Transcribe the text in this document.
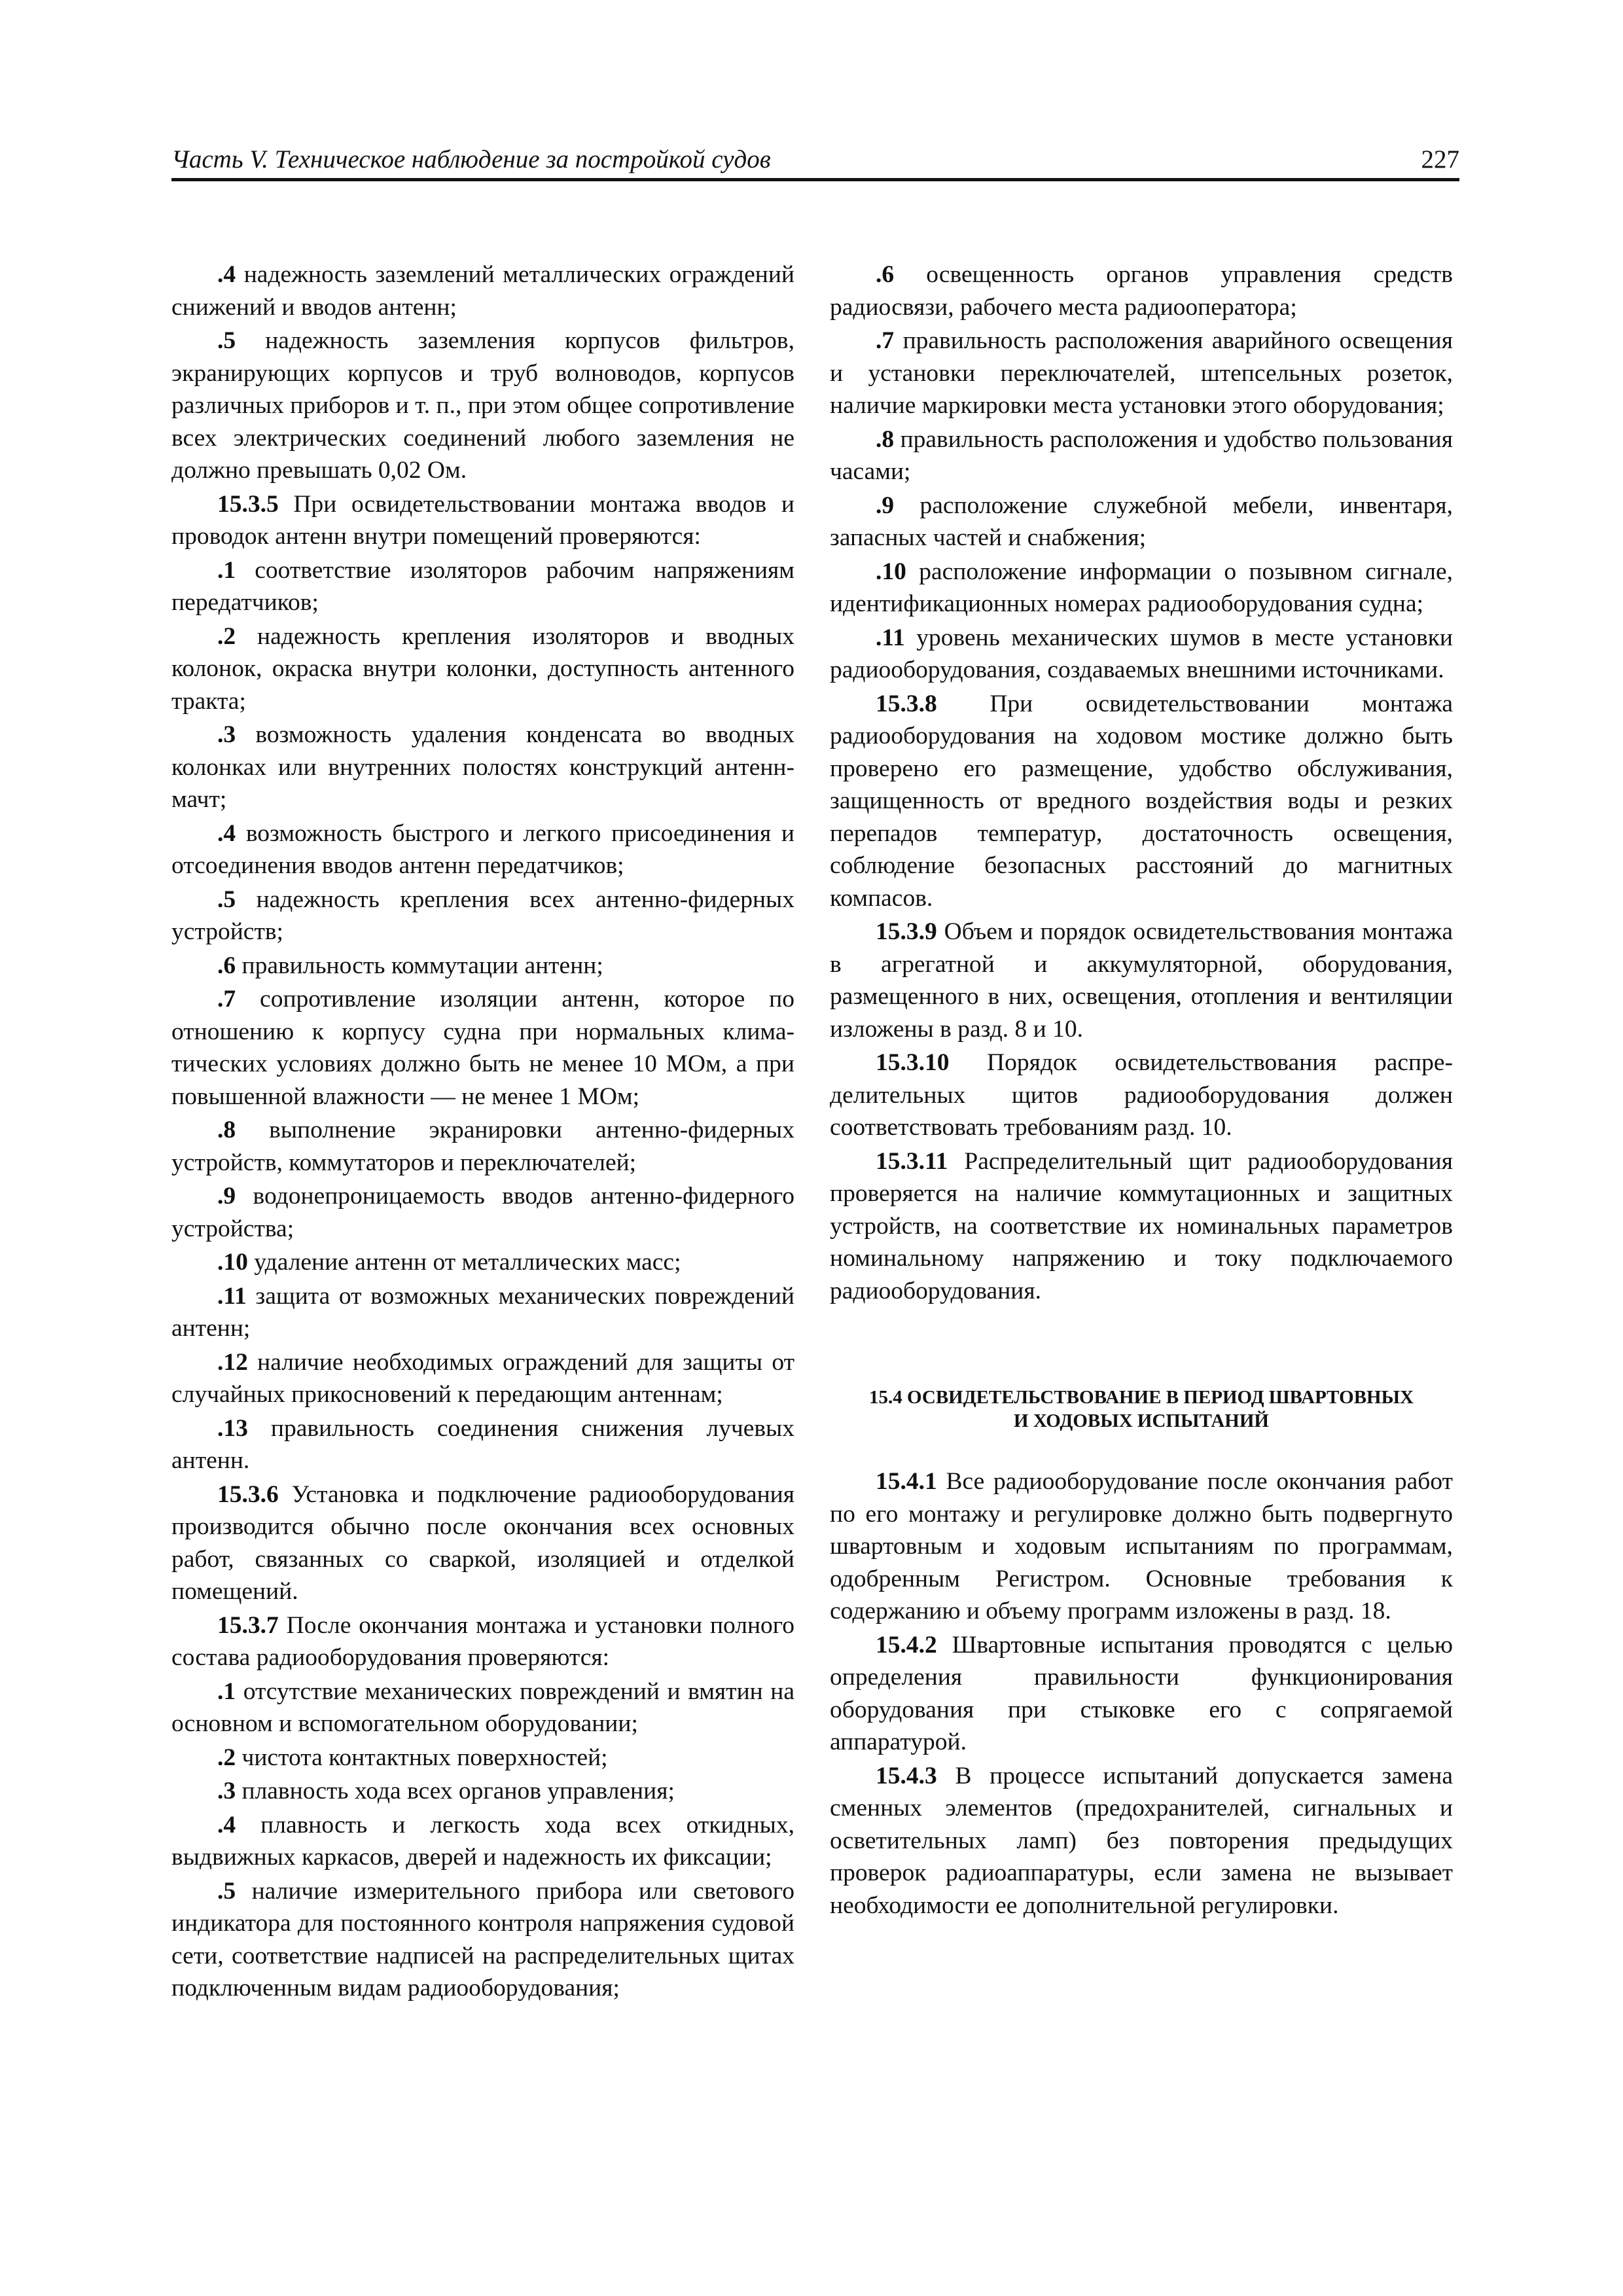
Часть V. Техническое наблюдение за постройкой судов	227

.4 надежность заземлений металлических ограждений снижений и вводов антенн;

.5 надежность заземления корпусов фильтров, экранирующих корпусов и труб волноводов, корпусов различных приборов и т. п., при этом общее сопротивление всех электрических соединений любого заземления не должно превышать 0,02 Ом.

15.3.5 При освидетельствовании монтажа вводов и проводок антенн внутри помещений проверяются:

.1 соответствие изоляторов рабочим напряжениям передатчиков;

.2 надежность крепления изоляторов и вводных колонок, окраска внутри колонки, доступность антенного тракта;

.3 возможность удаления конденсата во вводных колонках или внутренних полостях конструкций антенн-мачт;

.4 возможность быстрого и легкого присоединения и отсоединения вводов антенн передатчиков;

.5 надежность крепления всех антенно-фидерных устройств;

.6 правильность коммутации антенн;

.7 сопротивление изоляции антенн, которое по отношению к корпусу судна при нормальных климатических условиях должно быть не менее 10 МОм, а при повышенной влажности — не менее 1 МОм;

.8 выполнение экранировки антенно-фидерных устройств, коммутаторов и переключателей;

.9 водонепроницаемость вводов антенно-фидерного устройства;

.10 удаление антенн от металлических масс;

.11 защита от возможных механических повреждений антенн;

.12 наличие необходимых ограждений для защиты от случайных прикосновений к передающим антеннам;

.13 правильность соединения снижения лучевых антенн.

15.3.6 Установка и подключение радиооборудования производится обычно после окончания всех основных работ, связанных со сваркой, изоляцией и отделкой помещений.

15.3.7 После окончания монтажа и установки полного состава радиооборудования проверяются:

.1 отсутствие механических повреждений и вмятин на основном и вспомогательном оборудовании;

.2 чистота контактных поверхностей;

.3 плавность хода всех органов управления;

.4 плавность и легкость хода всех откидных, выдвижных каркасов, дверей и надежность их фиксации;

.5 наличие измерительного прибора или светового индикатора для постоянного контроля напряжения судовой сети, соответствие надписей на распределительных щитах подключенным видам радиооборудования;

.6 освещенность органов управления средств радиосвязи, рабочего места радиооператора;

.7 правильность расположения аварийного освещения и установки переключателей, штепсельных розеток, наличие маркировки места установки этого оборудования;

.8 правильность расположения и удобство пользования часами;

.9 расположение служебной мебели, инвентаря, запасных частей и снабжения;

.10 расположение информации о позывном сигнале, идентификационных номерах радиооборудования судна;

.11 уровень механических шумов в месте установки радиооборудования, создаваемых внешними источниками.

15.3.8 При освидетельствовании монтажа радиооборудования на ходовом мостике должно быть проверено его размещение, удобство обслуживания, защищенность от вредного воздействия воды и резких перепадов температур, достаточность освещения, соблюдение безопасных расстояний до магнитных компасов.

15.3.9 Объем и порядок освидетельствования монтажа в агрегатной и аккумуляторной, оборудования, размещенного в них, освещения, отопления и вентиляции изложены в разд. 8 и 10.

15.3.10 Порядок освидетельствования распределительных щитов радиооборудования должен соответствовать требованиям разд. 10.

15.3.11 Распределительный щит радиооборудования проверяется на наличие коммутационных и защитных устройств, на соответствие их номинальных параметров номинальному напряжению и току подключаемого радиооборудования.

15.4 ОСВИДЕТЕЛЬСТВОВАНИЕ В ПЕРИОД ШВАРТОВНЫХ
И ХОДОВЫХ ИСПЫТАНИЙ

15.4.1 Все радиооборудование после окончания работ по его монтажу и регулировке должно быть подвергнуто швартовным и ходовым испытаниям по программам, одобренным Регистром. Основные требования к содержанию и объему программ изложены в разд. 18.

15.4.2 Швартовные испытания проводятся с целью определения правильности функционирования оборудования при стыковке его с сопрягаемой аппаратурой.

15.4.3 В процессе испытаний допускается замена сменных элементов (предохранителей, сигнальных и осветительных ламп) без повторения предыдущих проверок радиоаппаратуры, если замена не вызывает необходимости ее дополнительной регулировки.
